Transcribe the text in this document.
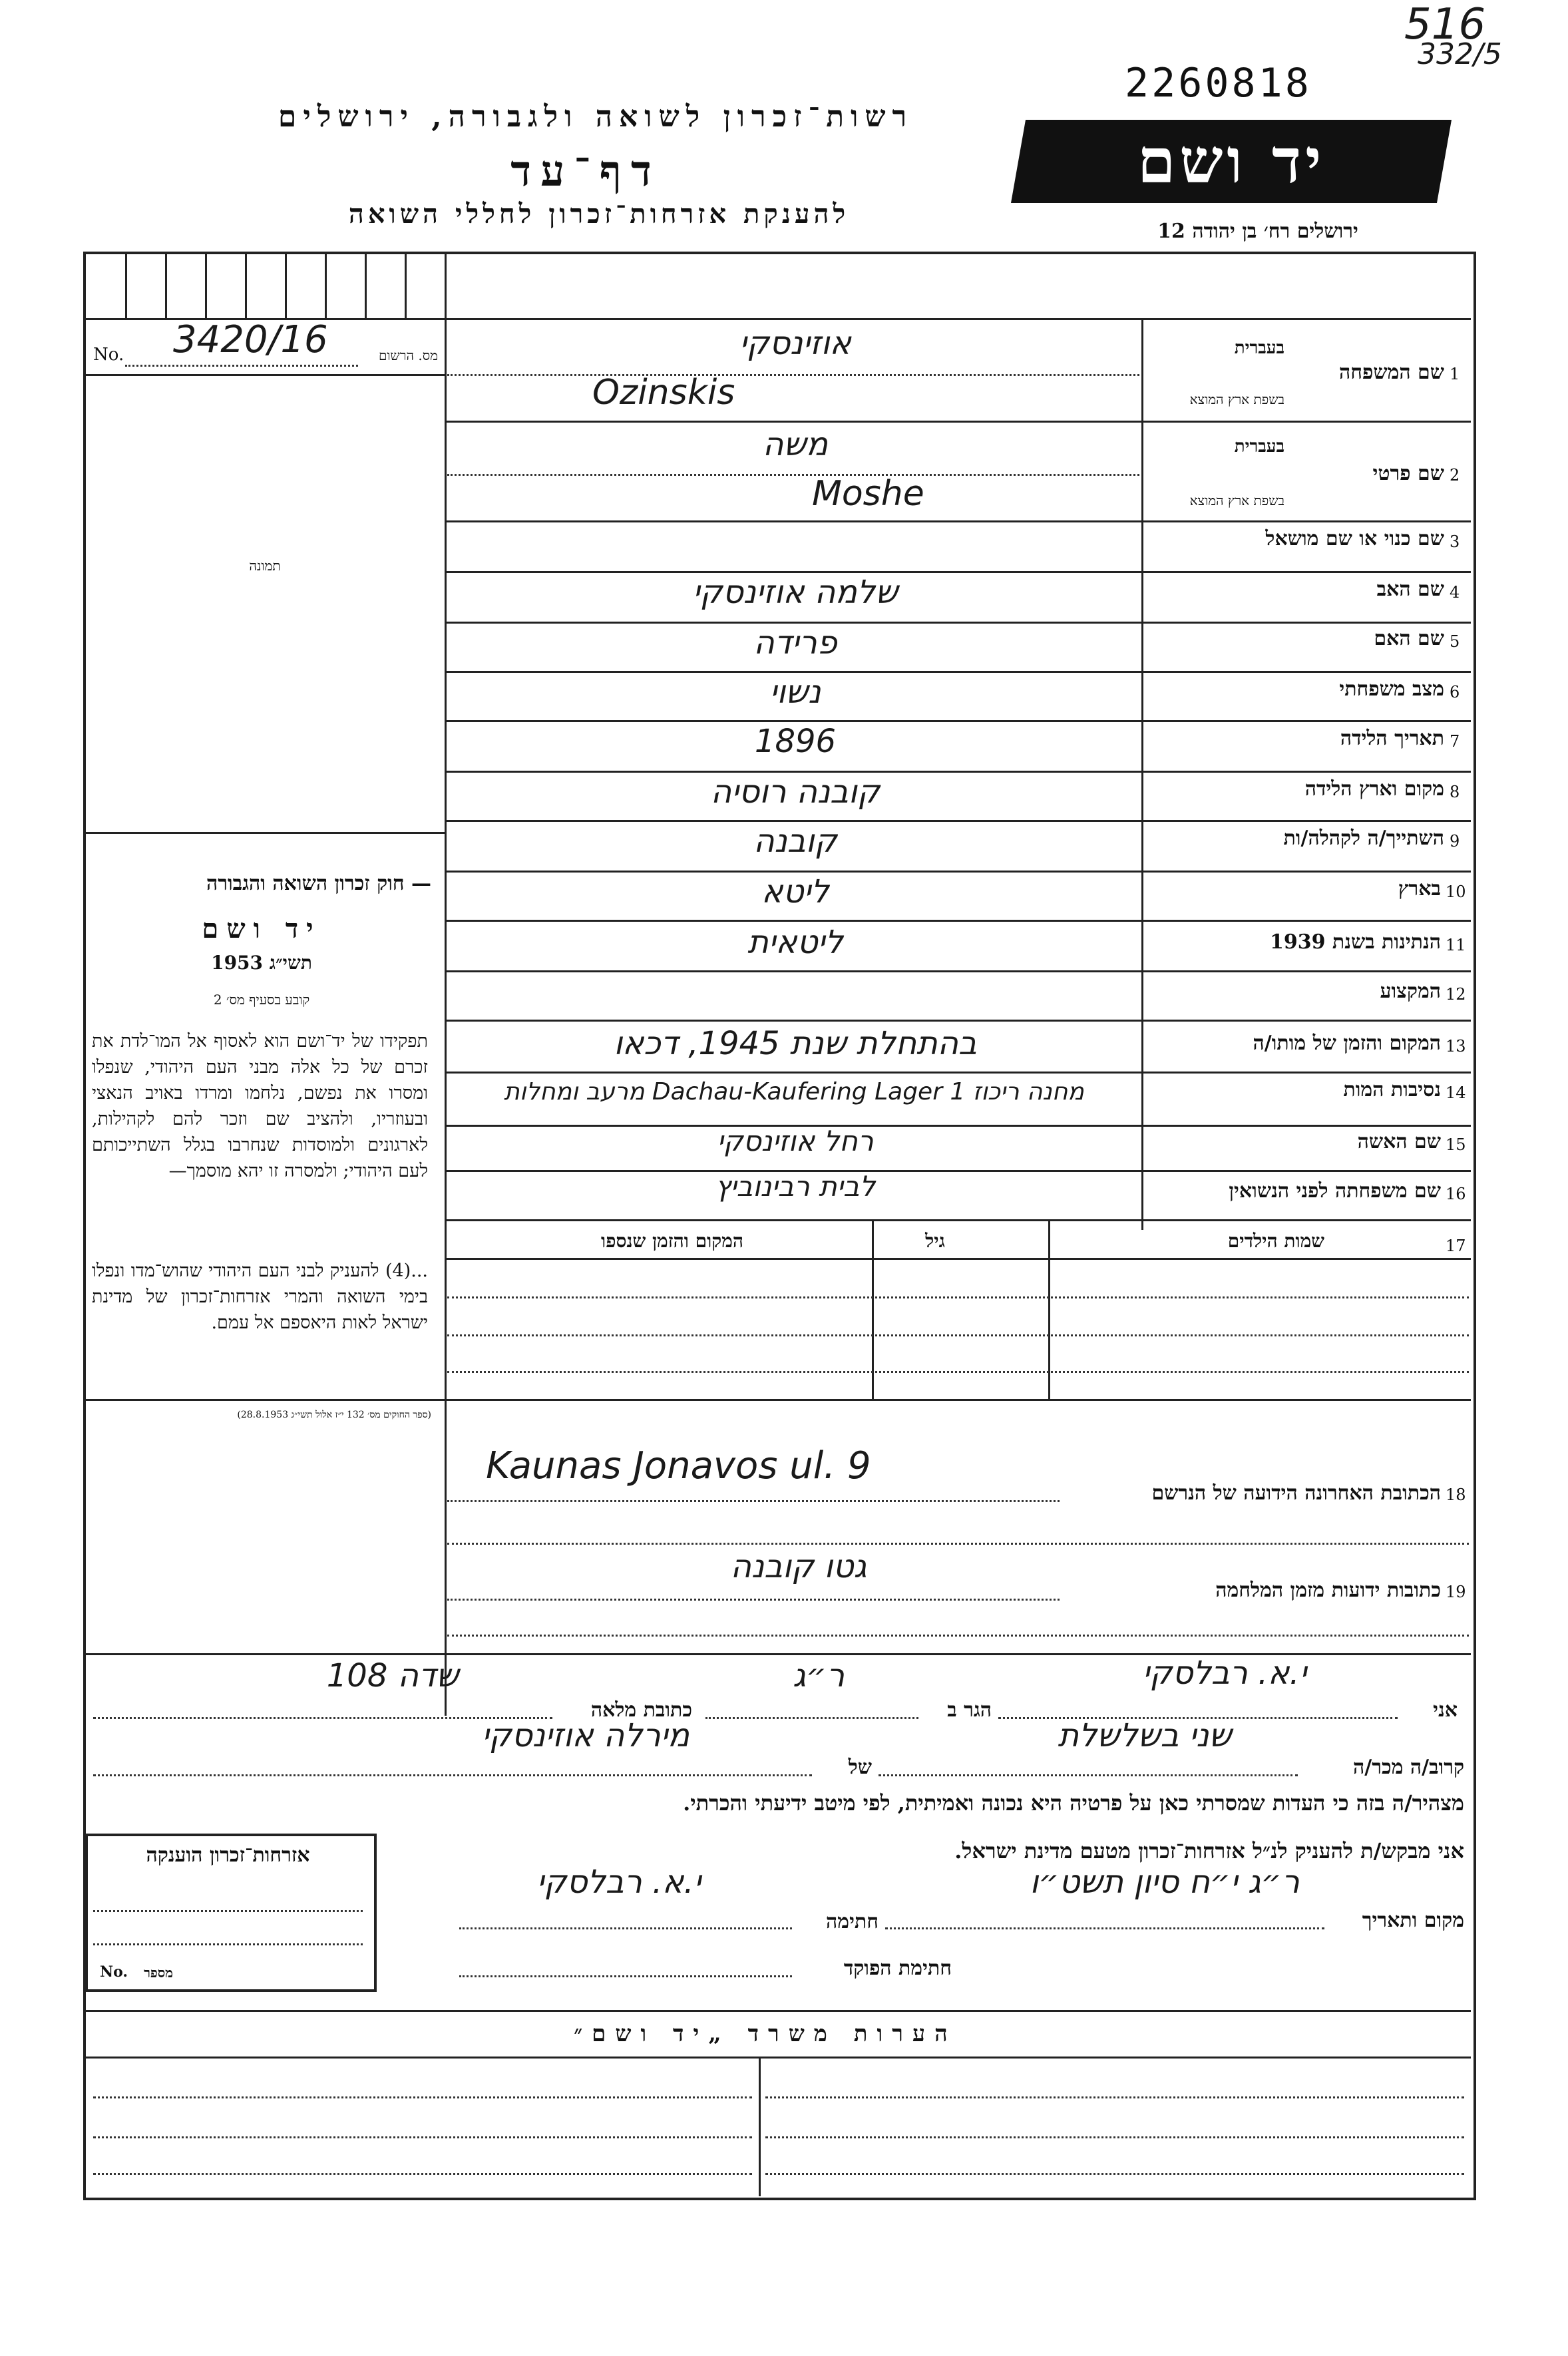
516
332/5
2260818
רשות־זכרון לשואה ולגבורה, ירושלים
דף־עד
להענקת אזרחות־זכרון לחללי השואה
יד ושם
ירושלים רח׳ בן יהודה 12
No. 3420/16	מס. הרשום
תמונה
— חוק זכרון השואה והגבורה
יד ושם
תשי״ג 1953
קובע בסעיף מס׳ 2
תפקידו של יד־ושם הוא לאסוף אל המו־לדת את זכרם של כל אלה מבני העם היהודי, שנפלו ומסרו את נפשם, נלחמו ומרדו באויב הנאצי ובעוזריו, ולהציב שם וזכר להם לקהילות, לארגונים ולמוסדות שנחרבו בגלל השתייכותם לעם היהודי; ולמסרה זו יהא מוסמך—
...(4) להעניק לבני העם היהודי שהוש־מדו ונפלו בימי השואה והמרי אזרחות־זכרון של מדינת ישראל לאות היאספם אל עמם.
(ספר החוקים מס׳ 132 י״ז אלול תשי״ג 28.8.1953)
1
שם המשפחה
בעברית
בשפת ארץ המוצא
אוזינסקי
Ozinskis
2
שם פרטי
בעברית
בשפת ארץ המוצא
משה
Moshe
3
שם כנוי או שם מושאל
4
שם האב
שלמה אוזינסקי
5
שם האם
פרידה
6
מצב משפחתי
נשוי
7
תאריך הלידה
1896
8
מקום וארץ הלידה
קובנה רוסיה
9
השתייך/ה לקהלה/ות
קובנה
10
בארץ
ליטא
11
הנתינות בשנת 1939
ליטאית
12
המקצוע
13
המקום והזמן של מותו/ה
בהתחלת שנת 1945, דכאו
14
נסיבות המות
מחנה ריכוז Dachau-Kaufering Lager 1 מרעב ומחלות
15
שם האשה
רחל אוזינסקי
16
שם משפחתה לפני הנשואין
לבית רבינוביץ
17
שמות הילדים
גיל
המקום והזמן שנספו
18
הכתובת האחרונה הידועה של הנרשם
Kaunas Jonavos ul. 9
19
כתובות ידועות מזמן המלחמה
גטו קובנה
אני
י.א. רבלסקי
הגר ב
ר״ג
כתובת מלאה
שדה 108
קרוב/ה מכר/ה
שני בשלשלת
של
מירלה אוזינסקי
מצהיר/ה בזה כי העדות שמסרתי כאן על פרטיה היא נכונה ואמיתית, לפי מיטב ידיעתי והכרתי.
אני מבקש/ת להעניק לנ״ל אזרחות־זכרון מטעם מדינת ישראל.
מקום ותאריך
ר״ג י״ח סיון תשט״ו
חתימה
י.א. רבלסקי
חתימת הפוקד
אזרחות־זכרון הוענקה
No.	מספר
הערות משרד „יד ושם״
